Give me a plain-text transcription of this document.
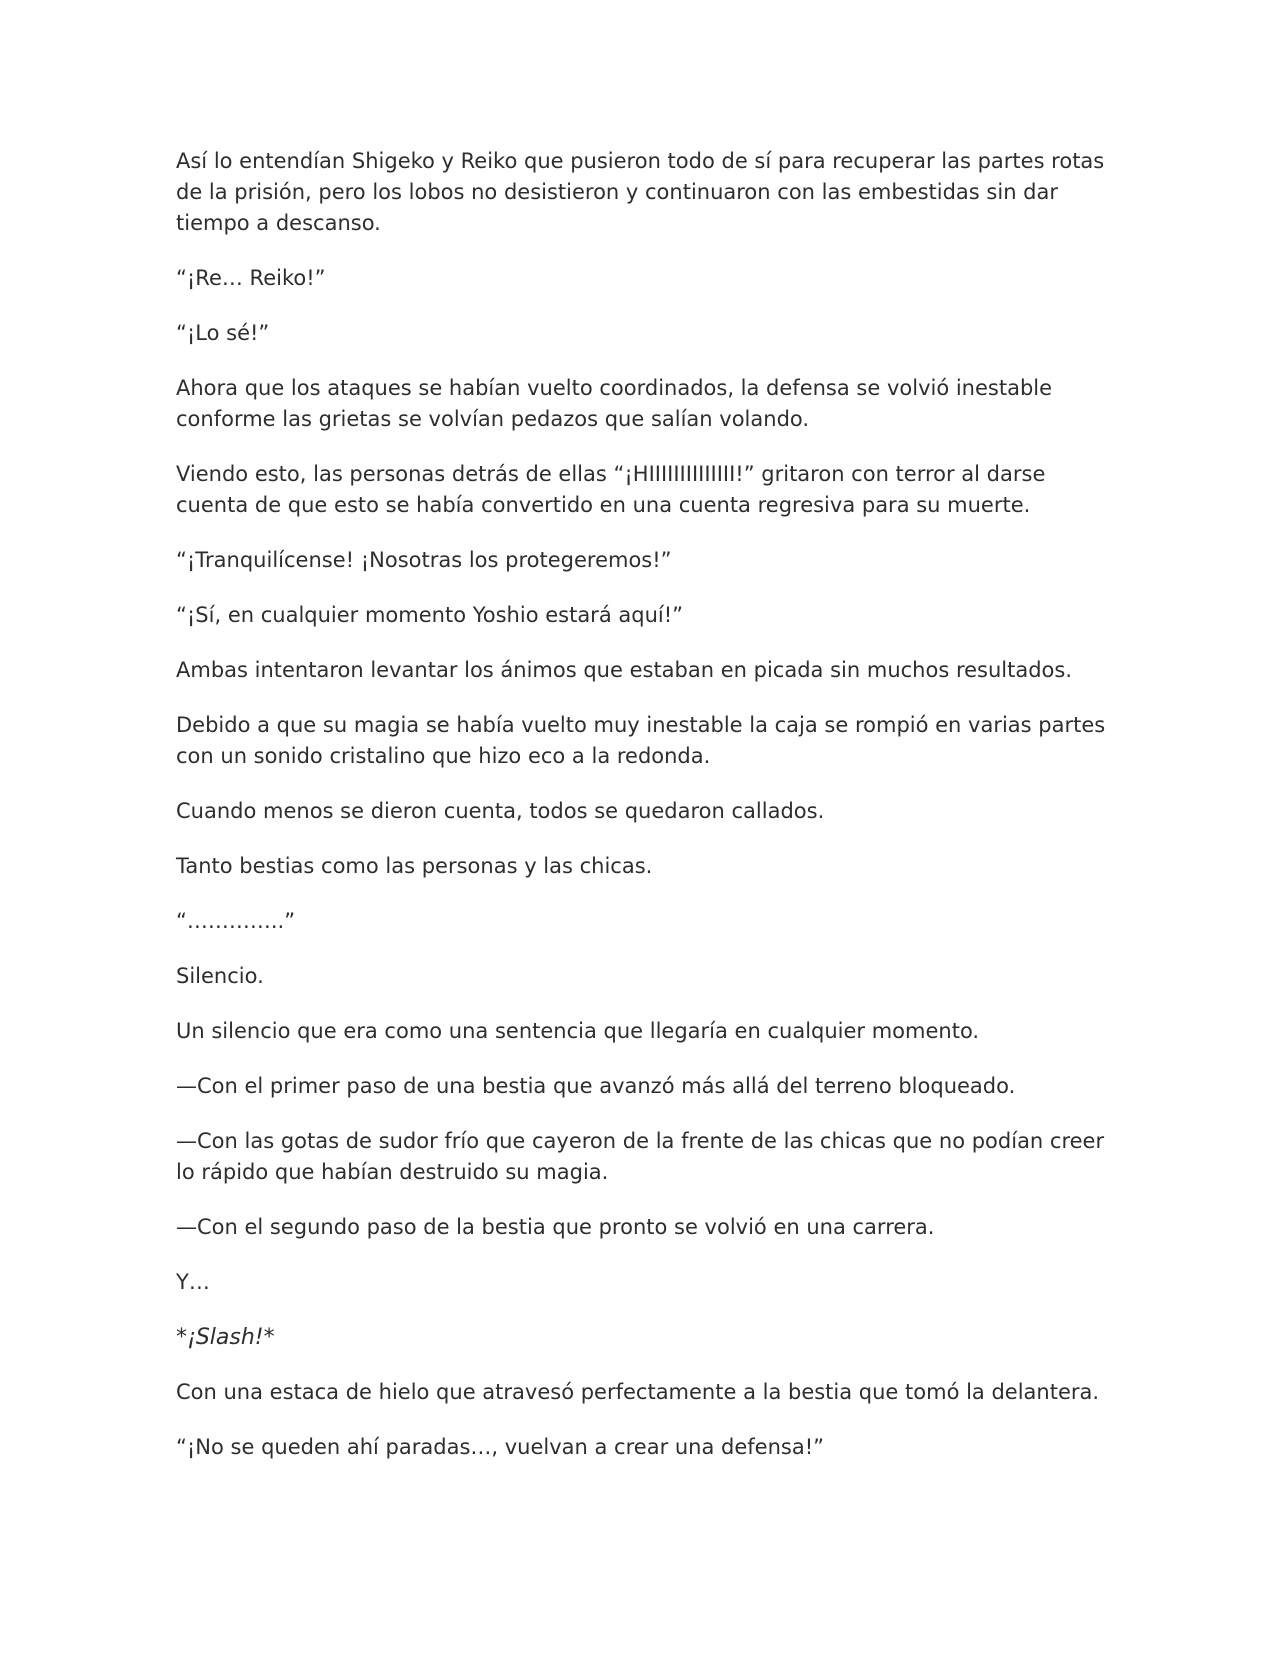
Así lo entendían Shigeko y Reiko que pusieron todo de sí para recuperar las partes rotas de la prisión, pero los lobos no desistieron y continuaron con las embestidas sin dar tiempo a descanso.

“¡Re… Reiko!”

“¡Lo sé!”

Ahora que los ataques se habían vuelto coordinados, la defensa se volvió inestable conforme las grietas se volvían pedazos que salían volando.

Viendo esto, las personas detrás de ellas “¡HIIIIIIIIIIIIII!” gritaron con terror al darse cuenta de que esto se había convertido en una cuenta regresiva para su muerte.

“¡Tranquilícense! ¡Nosotras los protegeremos!”

“¡Sí, en cualquier momento Yoshio estará aquí!”

Ambas intentaron levantar los ánimos que estaban en picada sin muchos resultados.

Debido a que su magia se había vuelto muy inestable la caja se rompió en varias partes con un sonido cristalino que hizo eco a la redonda.

Cuando menos se dieron cuenta, todos se quedaron callados.

Tanto bestias como las personas y las chicas.

“…………..”

Silencio.

Un silencio que era como una sentencia que llegaría en cualquier momento.

—Con el primer paso de una bestia que avanzó más allá del terreno bloqueado.

—Con las gotas de sudor frío que cayeron de la frente de las chicas que no podían creer lo rápido que habían destruido su magia.

—Con el segundo paso de la bestia que pronto se volvió en una carrera.

Y…

*¡Slash!*

Con una estaca de hielo que atravesó perfectamente a la bestia que tomó la delantera.

“¡No se queden ahí paradas…, vuelvan a crear una defensa!”
